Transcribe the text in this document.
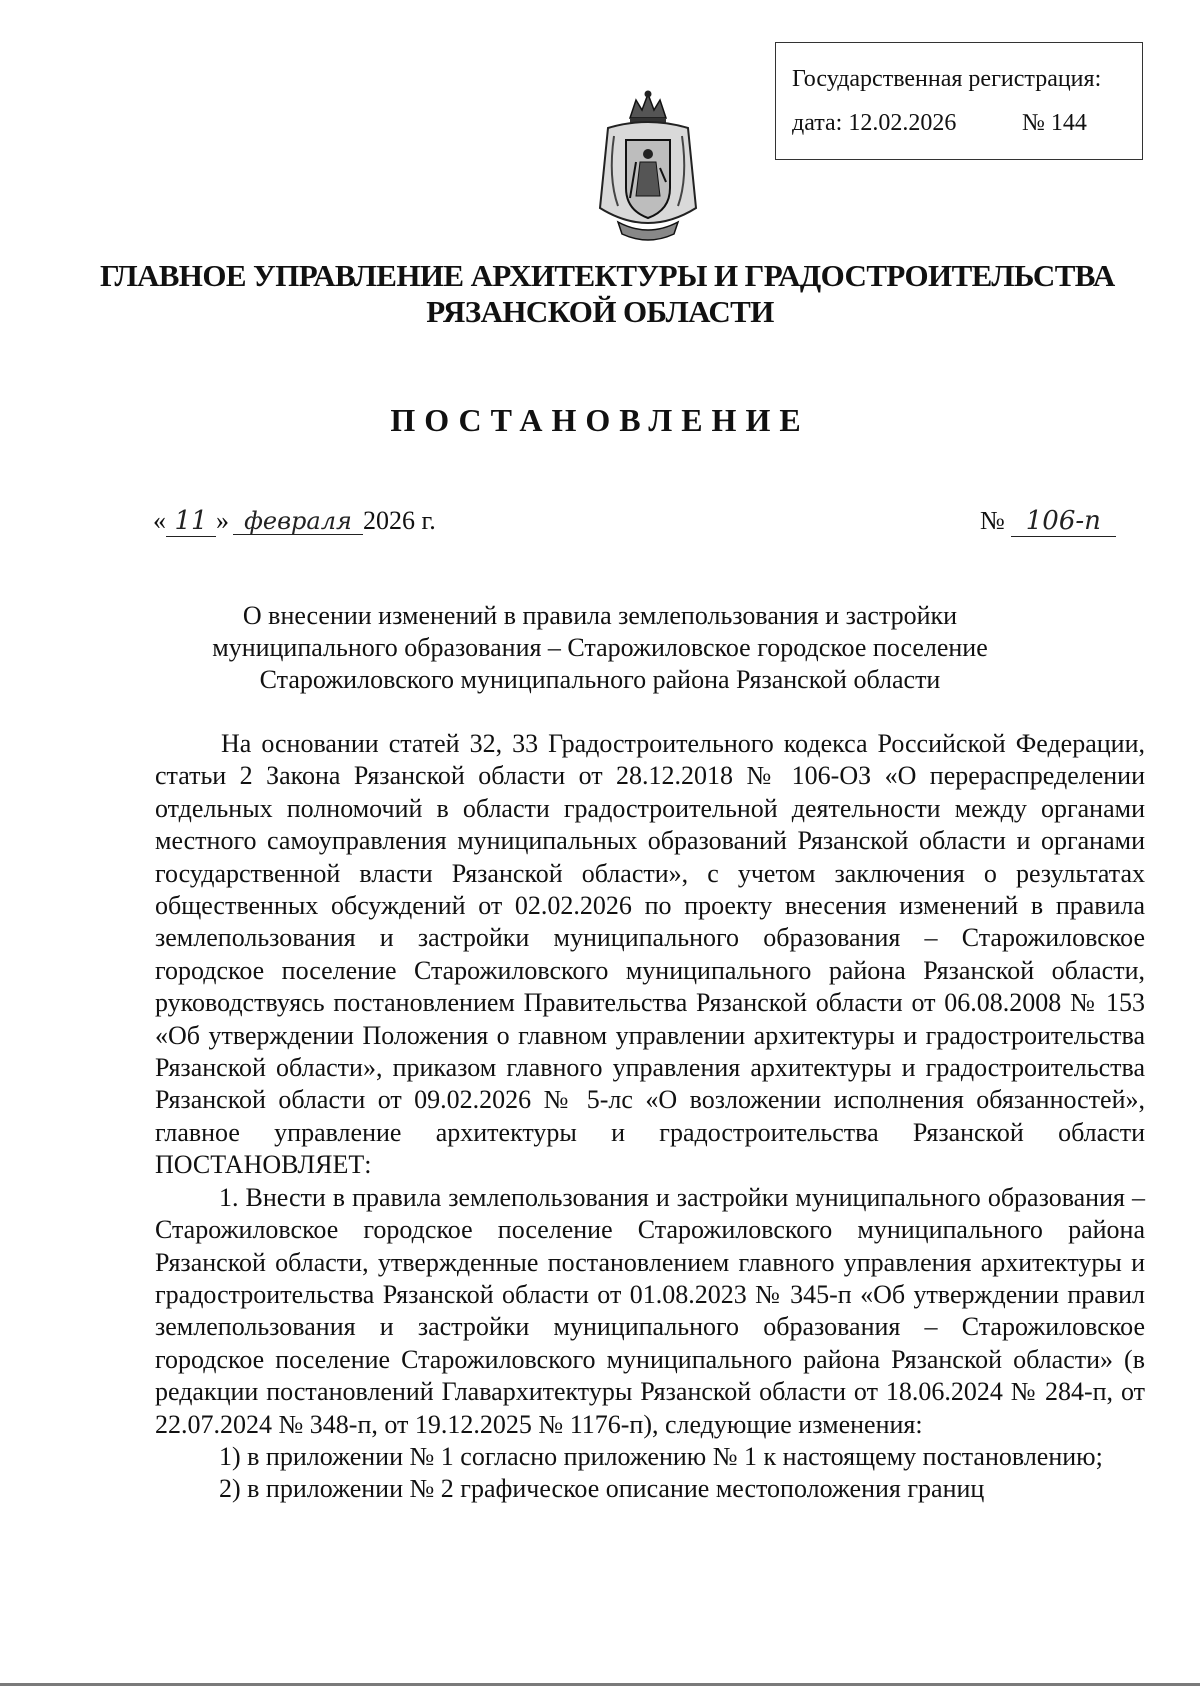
Государственная регистрация:
дата: 12.02.2026	№ 144
ГЛАВНОЕ УПРАВЛЕНИЕ АРХИТЕКТУРЫ И ГРАДОСТРОИТЕЛЬСТВА
РЯЗАНСКОЙ ОБЛАСТИ
ПОСТАНОВЛЕНИЕ
« 11 » февраля 2026 г.	№ 106-п
О внесении изменений в правила землепользования и застройки
муниципального образования – Старожиловское городское поселение
Старожиловского муниципального района Рязанской области

На основании статей 32, 33 Градостроительного кодекса Российской Федерации, статьи 2 Закона Рязанской области от 28.12.2018 № 106-ОЗ «О перераспределении отдельных полномочий в области градостроительной деятельности между органами местного самоуправления муниципальных образований Рязанской области и органами государственной власти Рязанской области», с учетом заключения о результатах общественных обсуждений от 02.02.2026 по проекту внесения изменений в правила землепользования и застройки муниципального образования – Старожиловское городское поселение Старожиловского муниципального района Рязанской области, руководствуясь постановлением Правительства Рязанской области от 06.08.2008 № 153 «Об утверждении Положения о главном управлении архитектуры и градостроительства Рязанской области», приказом главного управления архитектуры и градостроительства Рязанской области от 09.02.2026 № 5-лс «О возложении исполнения обязанностей», главное управление архитектуры и градостроительства Рязанской области ПОСТАНОВЛЯЕТ:

1. Внести в правила землепользования и застройки муниципального образования – Старожиловское городское поселение Старожиловского муниципального района Рязанской области, утвержденные постановлением главного управления архитектуры и градостроительства Рязанской области от 01.08.2023 № 345-п «Об утверждении правил землепользования и застройки муниципального образования – Старожиловское городское поселение Старожиловского муниципального района Рязанской области» (в редакции постановлений Главархитектуры Рязанской области от 18.06.2024 № 284-п, от 22.07.2024 № 348-п, от 19.12.2025 № 1176-п), следующие изменения:

1) в приложении № 1 согласно приложению № 1 к настоящему постановлению;

2) в приложении № 2 графическое описание местоположения границ
